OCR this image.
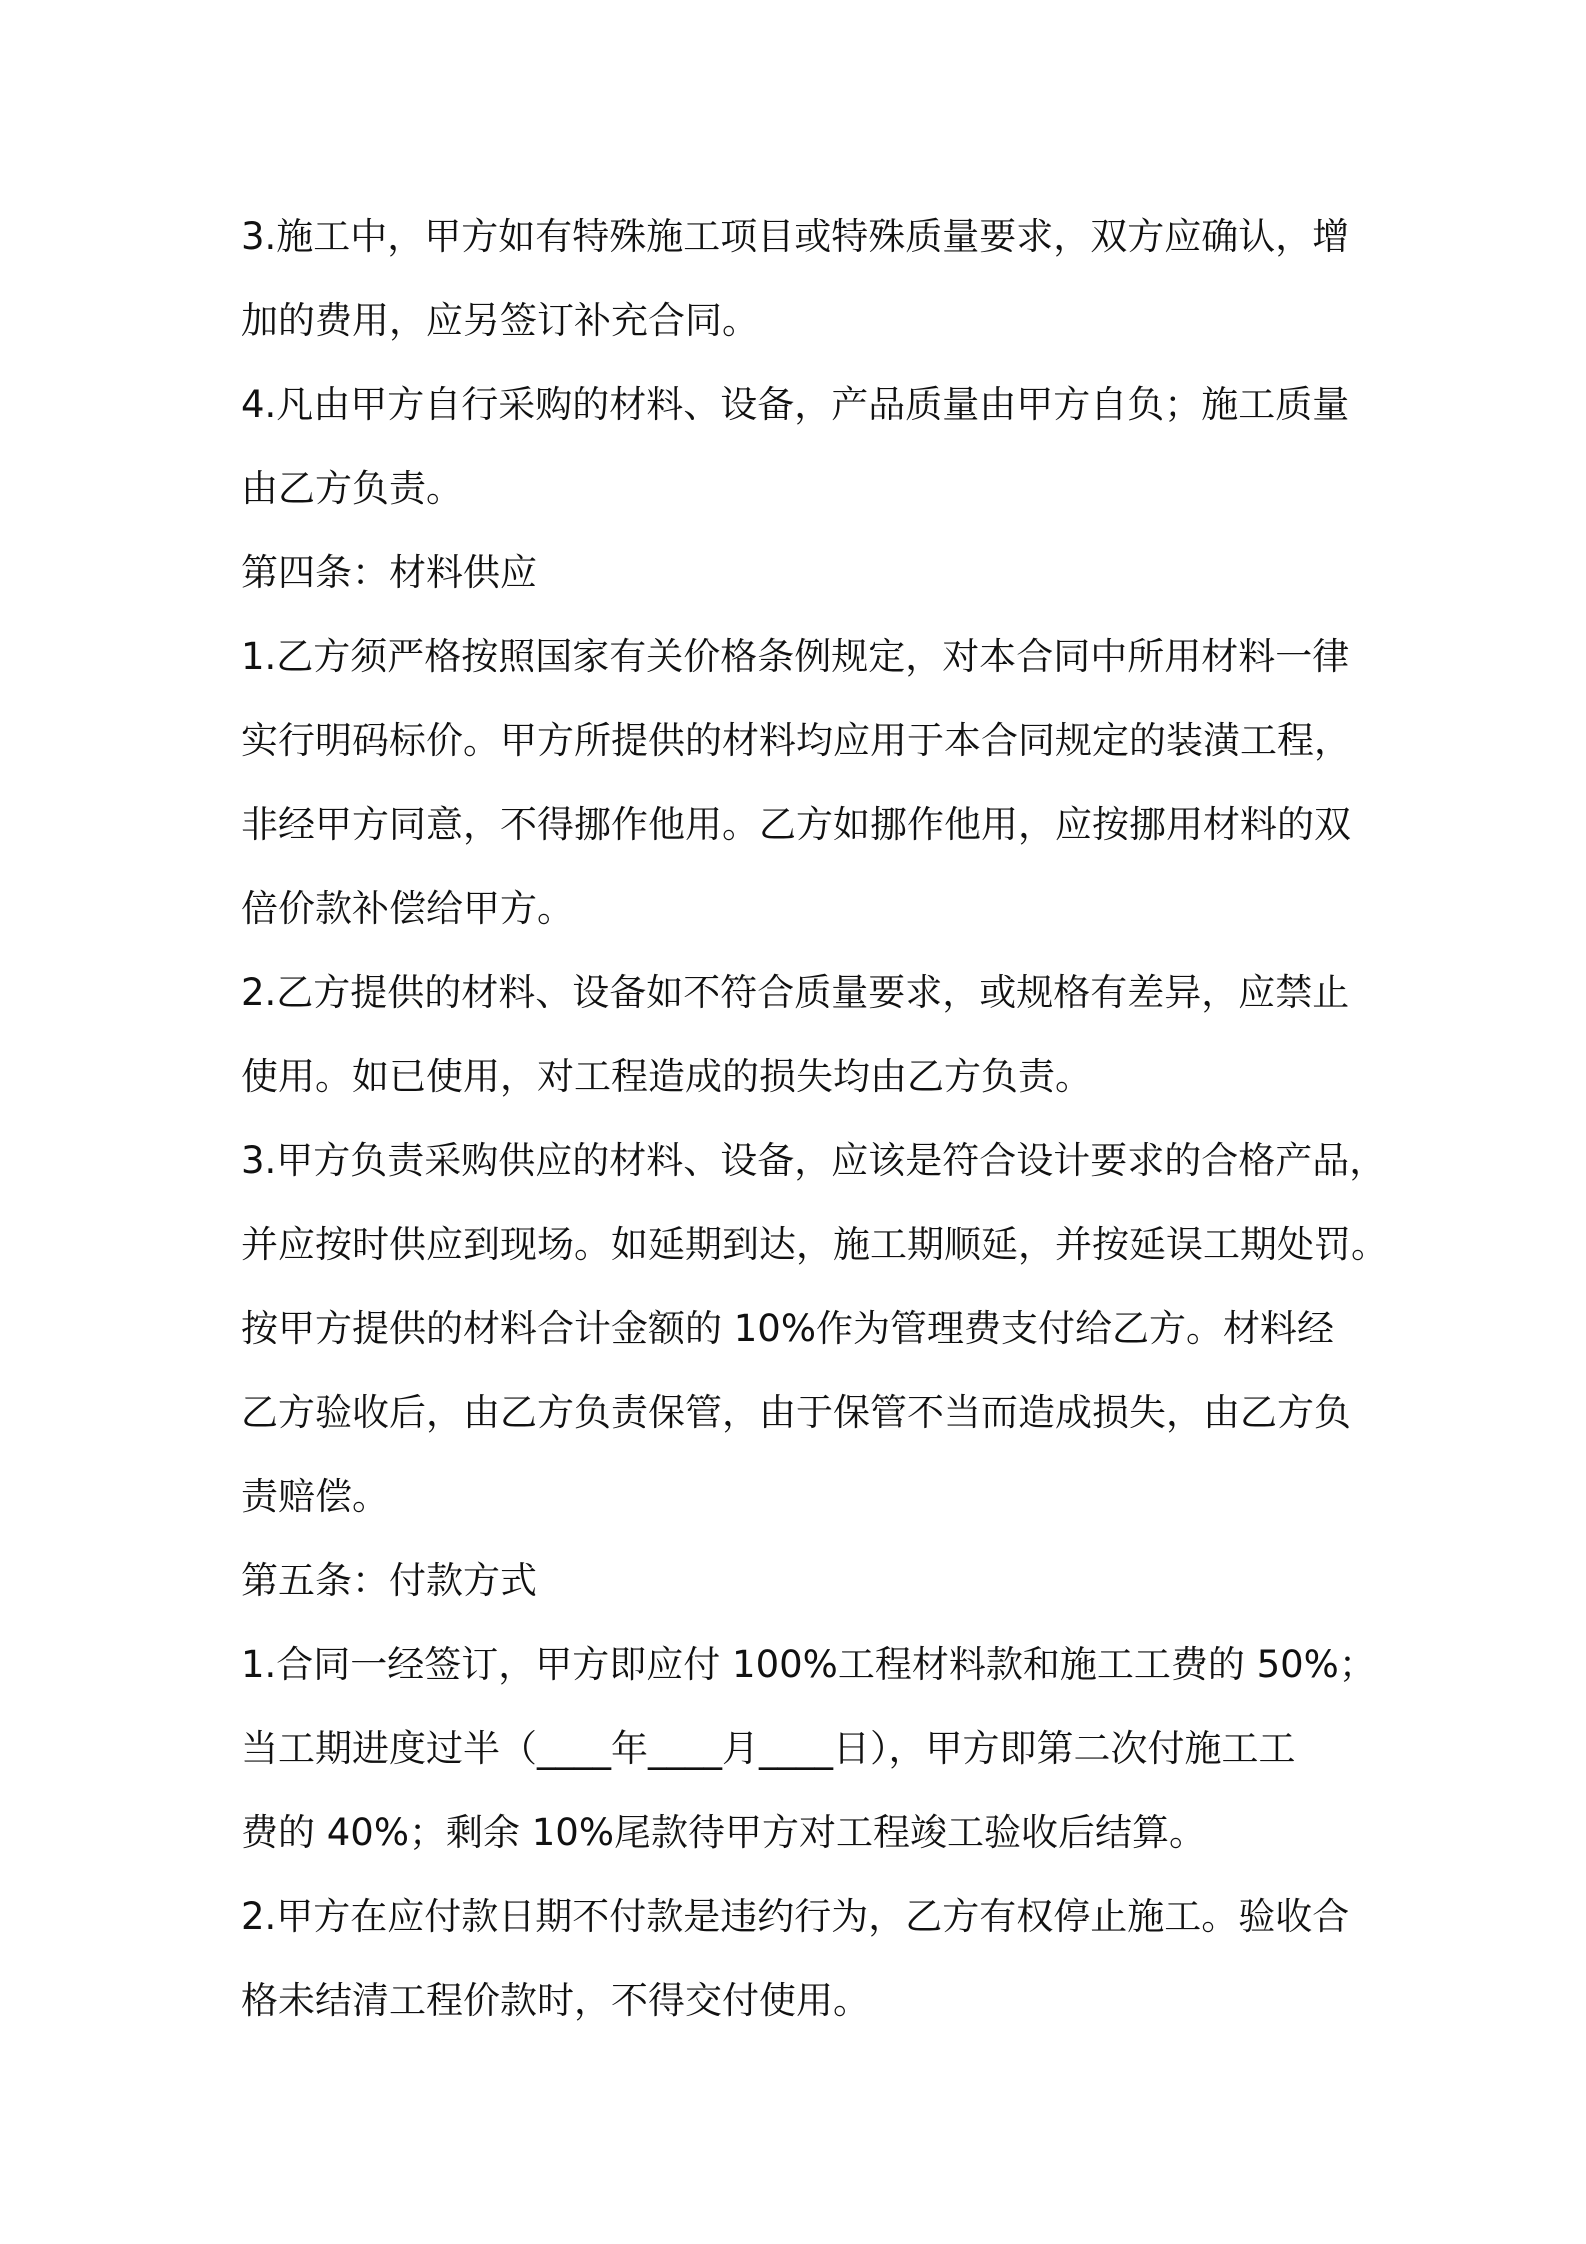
3.施工中，甲方如有特殊施工项目或特殊质量要求，双方应确认，增
加的费用，应另签订补充合同。
4.凡由甲方自行采购的材料、设备，产品质量由甲方自负；施工质量
由乙方负责。
第四条：材料供应
1.乙方须严格按照国家有关价格条例规定，对本合同中所用材料一律
实行明码标价。甲方所提供的材料均应用于本合同规定的装潢工程，
非经甲方同意，不得挪作他用。乙方如挪作他用，应按挪用材料的双
倍价款补偿给甲方。
2.乙方提供的材料、设备如不符合质量要求，或规格有差异，应禁止
使用。如已使用，对工程造成的损失均由乙方负责。
3.甲方负责采购供应的材料、设备，应该是符合设计要求的合格产品，
并应按时供应到现场。如延期到达，施工期顺延，并按延误工期处罚。
按甲方提供的材料合计金额的 10%作为管理费支付给乙方。材料经
乙方验收后，由乙方负责保管，由于保管不当而造成损失，由乙方负
责赔偿。
第五条：付款方式
1.合同一经签订，甲方即应付 100%工程材料款和施工工费的 50%；
当工期进度过半（____年____月____日），甲方即第二次付施工工
费的 40%；剩余 10%尾款待甲方对工程竣工验收后结算。
2.甲方在应付款日期不付款是违约行为，乙方有权停止施工。验收合
格未结清工程价款时，不得交付使用。
